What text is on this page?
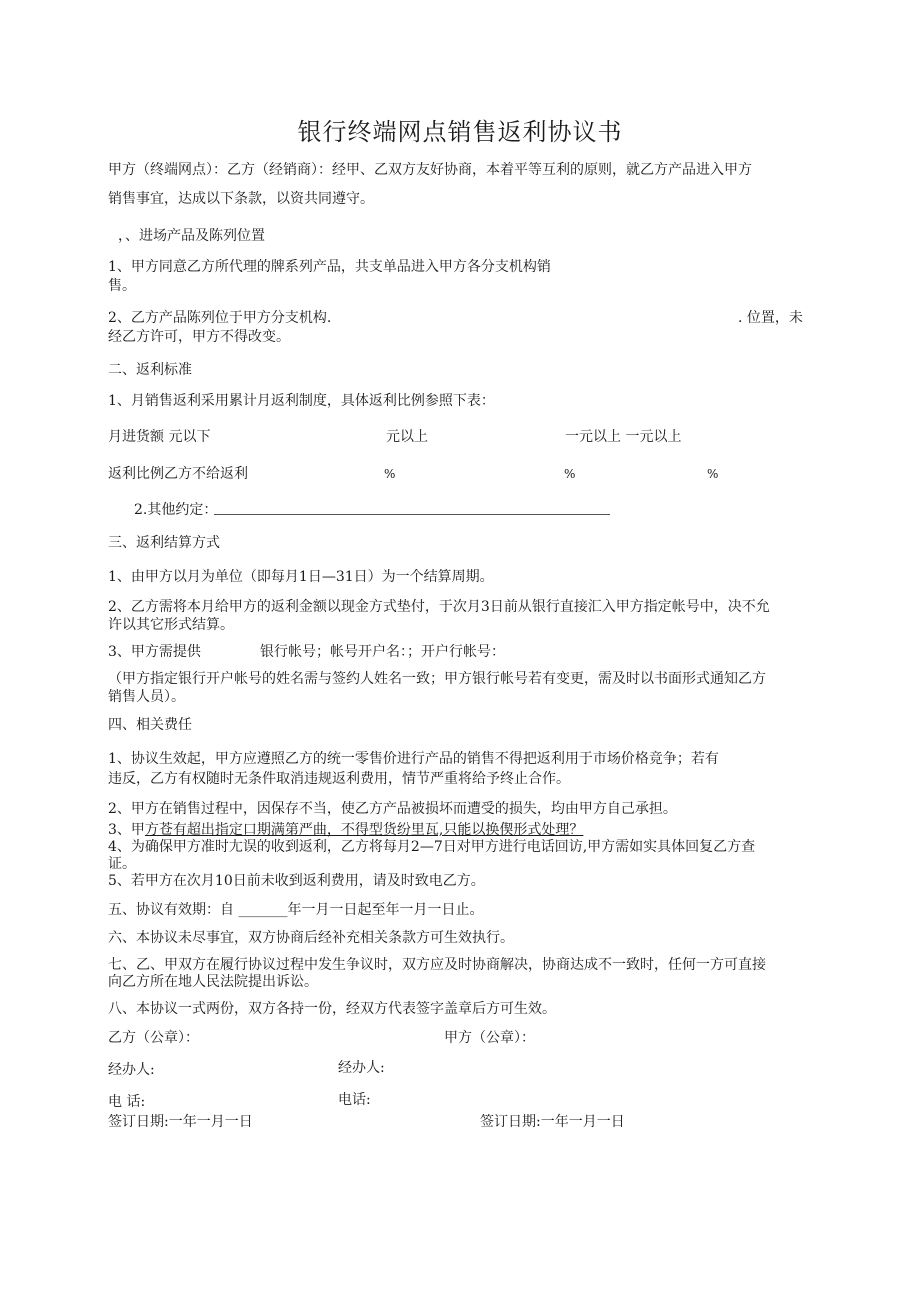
银行终端网点销售返利协议书
甲方（终端网点）：乙方（经销商）：经甲、乙双方友好协商，本着平等互利的原则，就乙方产品进入甲方
销售事宜，达成以下条款，以资共同遵守。
，、进场产品及陈列位置
1、甲方同意乙方所代理的牌系列产品，共支单品进入甲方各分支机构销
售。
2、乙方产品陈列位于甲方分支机构.	. 位置，未
经乙方许可，甲方不得改变。
二、返利标准
1、月销售返利采用累计月返利制度，具体返利比例参照下表：
月进货额 元以下	元以上	一元以上 一元以上
返利比例乙方不给返利	%	%	%
2.其他约定：
三、返利结算方式
1、由甲方以月为单位（即每月1日—31日）为一个结算周期。
2、乙方需将本月给甲方的返利金额以现金方式垫付，于次月3日前从银行直接汇入甲方指定帐号中，决不允
许以其它形式结算。
3、甲方需提供	银行帐号；帐号开户名：；开户行帐号：
（甲方指定银行开户帐号的姓名需与签约人姓名一致；甲方银行帐号若有变更，需及时以书面形式通知乙方
销售人员）。
四、相关费任
1、协议生效起，甲方应遵照乙方的统一零售价进行产品的销售不得把返利用于市场价格竞争；若有
违反，乙方有权随时无条件取消违规返利费用，情节严重将给予终止合作。
2、甲方在销售过程中，因保存不当，使乙方产品被损坏而遭受的损失，均由甲方自己承担。
3、甲方苍有超出指定口期满第严曲，不得型货纷里瓦,只能以换偰形式处理？
4、为确保甲方准时尢误的收到返利，乙方将每月2—7日对甲方进行电话回访,甲方需如实具体回复乙方查
证。
5、若甲方在次月10日前未收到返利费用，请及时致电乙方。
五、协议有效期：自 _______年一月一日起至年一月一日止。
六、本协议未尽事宜，双方协商后经补充相关条款方可生效执行。
七、乙、甲双方在履行协议过程中发生争议时，双方应及时协商解决，协商达成不一致时，任何一方可直接
向乙方所在地人民法院提出诉讼。
八、本协议一式两份，双方各持一份，经双方代表签字盖章后方可生效。
乙方（公章）：	甲方（公章）：
经办人:	经办人:
电 话:	电话:
签订日期:一年一月一日	签订日期:一年一月一日
